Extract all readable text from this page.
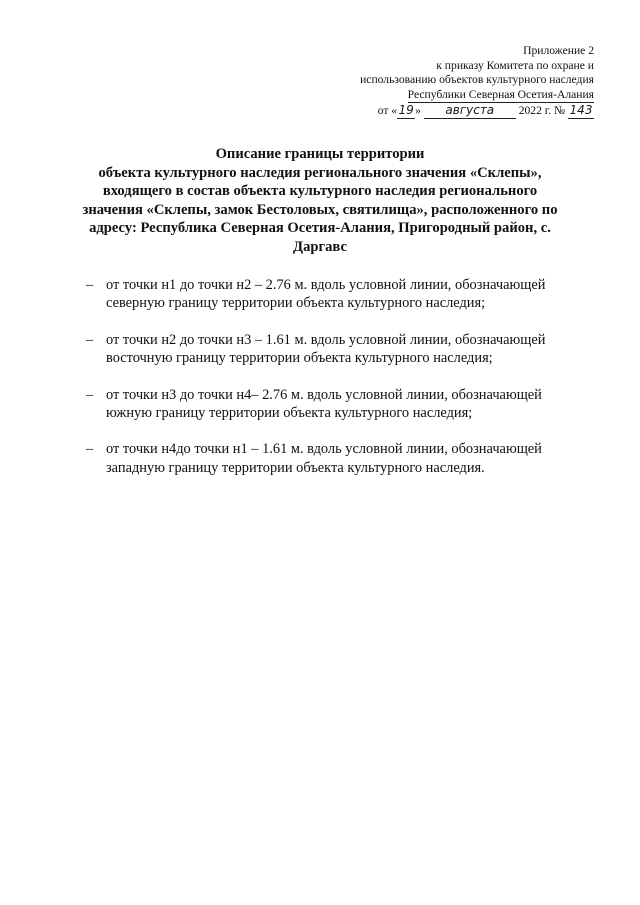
Приложение 2
к приказу Комитета по охране и
использованию объектов культурного наследия
Республики Северная Осетия-Алания
от «19» августа 2022 г. № 143
Описание границы территории
объекта культурного наследия регионального значения «Склепы»,
входящего в состав объекта культурного наследия регионального
значения «Склепы, замок Бестоловых, святилища», расположенного по
адресу: Республика Северная Осетия-Алания, Пригородный район, с.
Даргавс
– от точки н1 до точки н2 – 2.76 м. вдоль условной линии, обозначающей
северную границу территории объекта культурного наследия;
– от точки н2 до точки н3 – 1.61 м. вдоль условной линии, обозначающей
восточную границу территории объекта культурного наследия;
– от точки н3 до точки н4– 2.76 м. вдоль условной линии, обозначающей
южную границу территории объекта культурного наследия;
– от точки н4до точки н1 – 1.61 м. вдоль условной линии, обозначающей
западную границу территории объекта культурного наследия.
